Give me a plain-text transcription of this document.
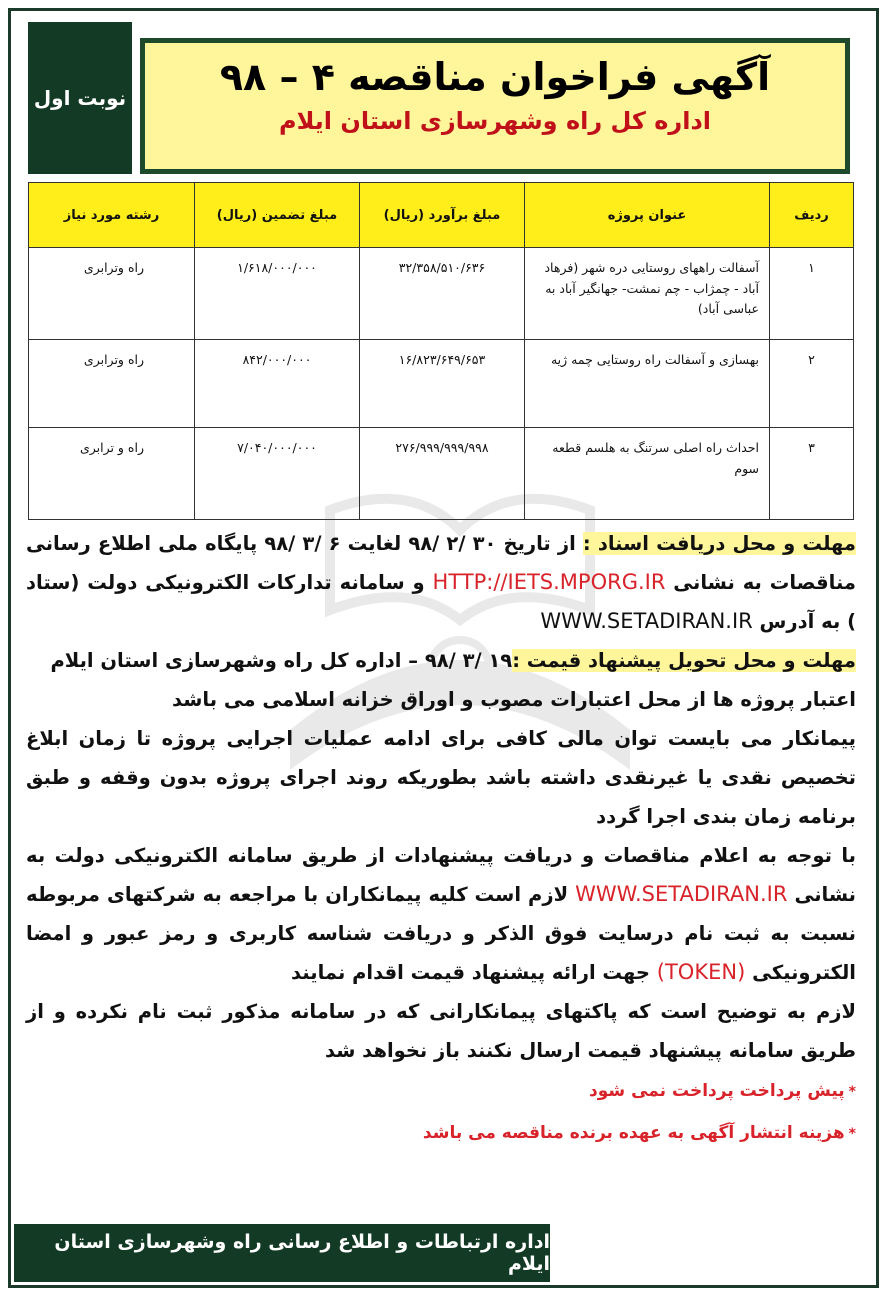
نوبت اول	آگهی فراخوان مناقصه ۴ – ۹۸
اداره کل راه وشهرسازی استان ایلام
ردیف	عنوان پروژه	مبلغ برآورد (ریال)	مبلغ تضمین (ریال)	رشته مورد نیاز
۱	آسفالت راههای روستایی دره شهر (فرهاد آباد - چمژاب - چم نمشت- جهانگیر آباد به عباسی آباد)	۳۲/۳۵۸/۵۱۰/۶۳۶	۱/۶۱۸/۰۰۰/۰۰۰	راه وترابری
۲	بهسازی و آسفالت راه روستایی چمه ژیه	۱۶/۸۲۳/۶۴۹/۶۵۳	۸۴۲/۰۰۰/۰۰۰	راه وترابری
۳	احداث راه اصلی سرتنگ به هلسم قطعه سوم	۲۷۶/۹۹۹/۹۹۹/۹۹۸	۷/۰۴۰/۰۰۰/۰۰۰	راه و ترابری

مهلت و محل دریافت اسناد : از تاریخ ۳۰ /۲ /۹۸ لغایت ۶ /۳ /۹۸ پایگاه ملی اطلاع رسانی مناقصات به نشانی HTTP://IETS.MPORG.IR و سامانه تدارکات الکترونیکی دولت (ستاد ) به آدرس WWW.SETADIRAN.IR

مهلت و محل تحویل پیشنهاد قیمت :۱۹ /۳ /۹۸ – اداره کل راه وشهرسازی استان ایلام

اعتبار پروژه ها از محل اعتبارات مصوب و اوراق خزانه اسلامی می باشد

پیمانکار می بایست توان مالی کافی برای ادامه عملیات اجرایی پروژه تا زمان ابلاغ تخصیص نقدی یا غیرنقدی داشته باشد بطوریکه روند اجرای پروژه بدون وقفه و طبق برنامه زمان بندی اجرا گردد

با توجه به اعلام مناقصات و دریافت پیشنهادات از طریق سامانه الکترونیکی دولت به نشانی WWW.SETADIRAN.IR لازم است کلیه پیمانکاران با مراجعه به شرکتهای مربوطه نسبت به ثبت نام درسایت فوق الذکر و دریافت شناسه کاربری و رمز عبور و امضا الکترونیکی (TOKEN) جهت ارائه پیشنهاد قیمت اقدام نمایند

لازم به توضیح است که پاکتهای پیمانکارانی که در سامانه مذکور ثبت نام نکرده و از طریق سامانه پیشنهاد قیمت ارسال نکنند باز نخواهد شد

*پیش پرداخت پرداخت نمی شود

*هزینه انتشار آگهی به عهده برنده مناقصه می باشد

اداره ارتباطات و اطلاع رسانی راه وشهرسازی استان ایلام
